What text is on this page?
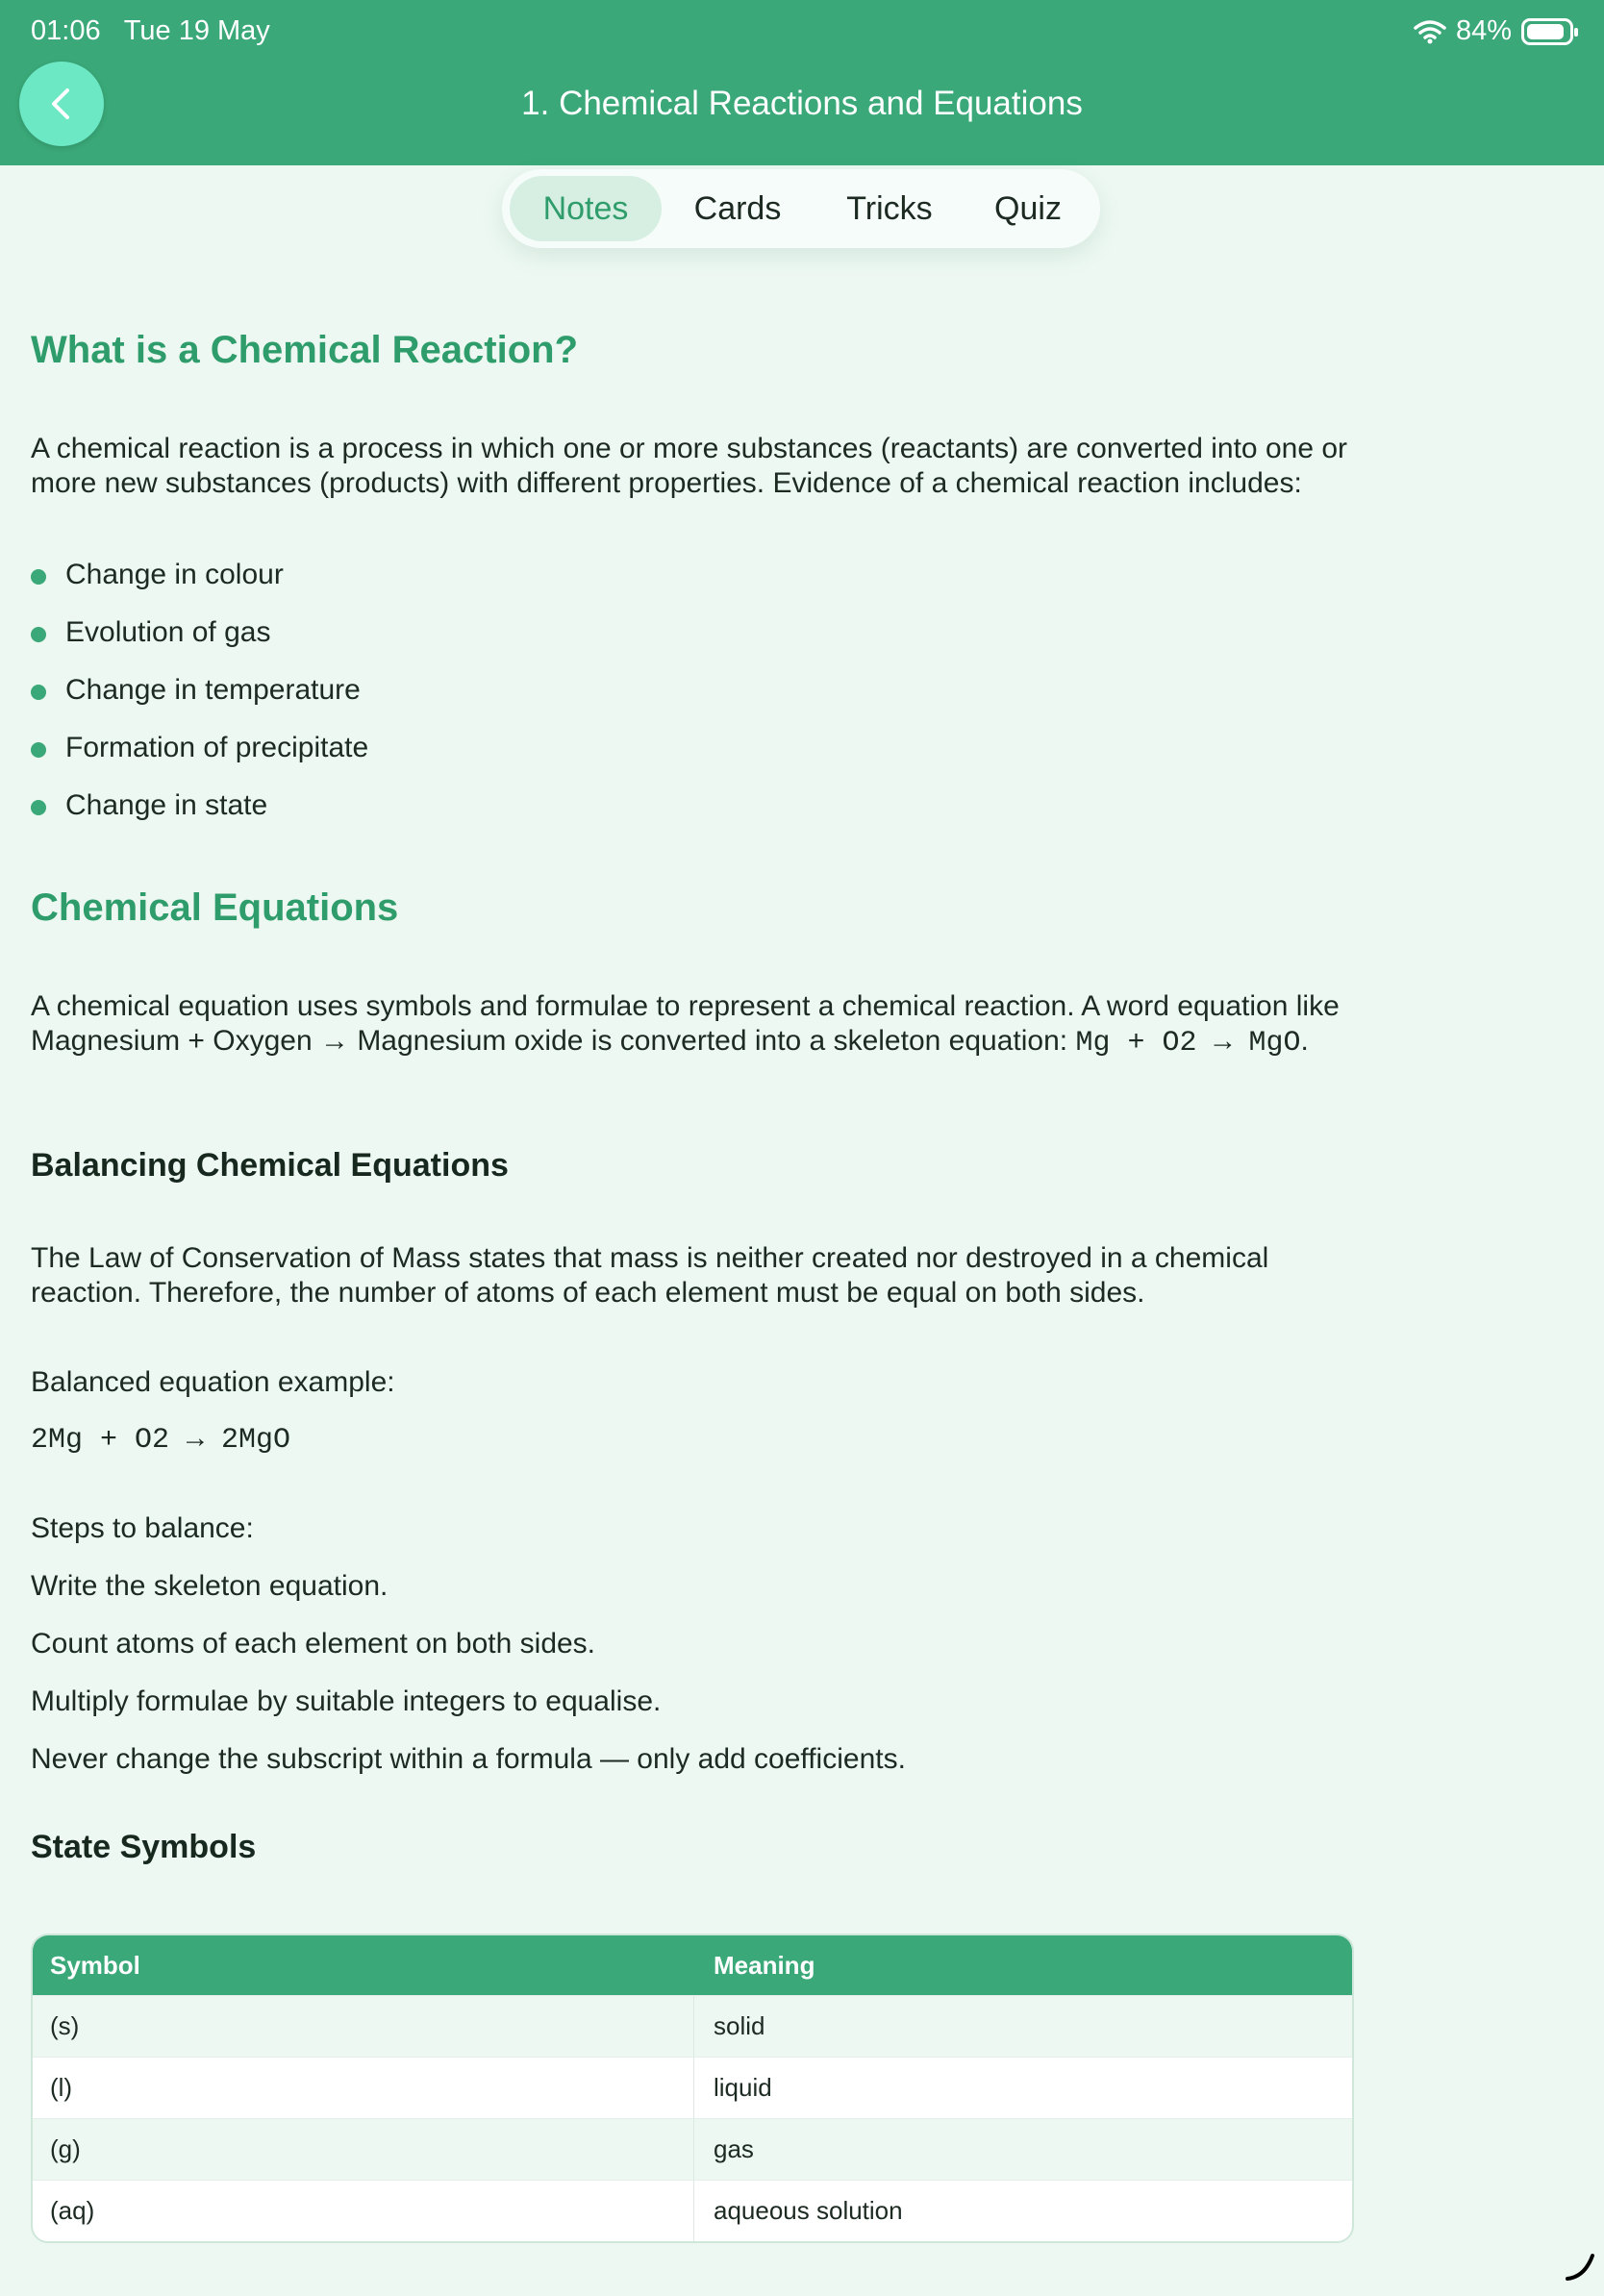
01:06 Tue 19 May	84%
1. Chemical Reactions and Equations
Notes	Cards	Tricks	Quiz
What is a Chemical Reaction?
A chemical reaction is a process in which one or more substances (reactants) are converted into one or more new substances (products) with different properties. Evidence of a chemical reaction includes:
Change in colour
Evolution of gas
Change in temperature
Formation of precipitate
Change in state
Chemical Equations
A chemical equation uses symbols and formulae to represent a chemical reaction. A word equation like Magnesium + Oxygen → Magnesium oxide is converted into a skeleton equation: Mg + O2 → MgO.
Balancing Chemical Equations
The Law of Conservation of Mass states that mass is neither created nor destroyed in a chemical reaction. Therefore, the number of atoms of each element must be equal on both sides.
Balanced equation example:
2Mg + O2 → 2MgO
Steps to balance:
Write the skeleton equation.
Count atoms of each element on both sides.
Multiply formulae by suitable integers to equalise.
Never change the subscript within a formula — only add coefficients.
State Symbols
Symbol	Meaning
(s)	solid
(l)	liquid
(g)	gas
(aq)	aqueous solution
